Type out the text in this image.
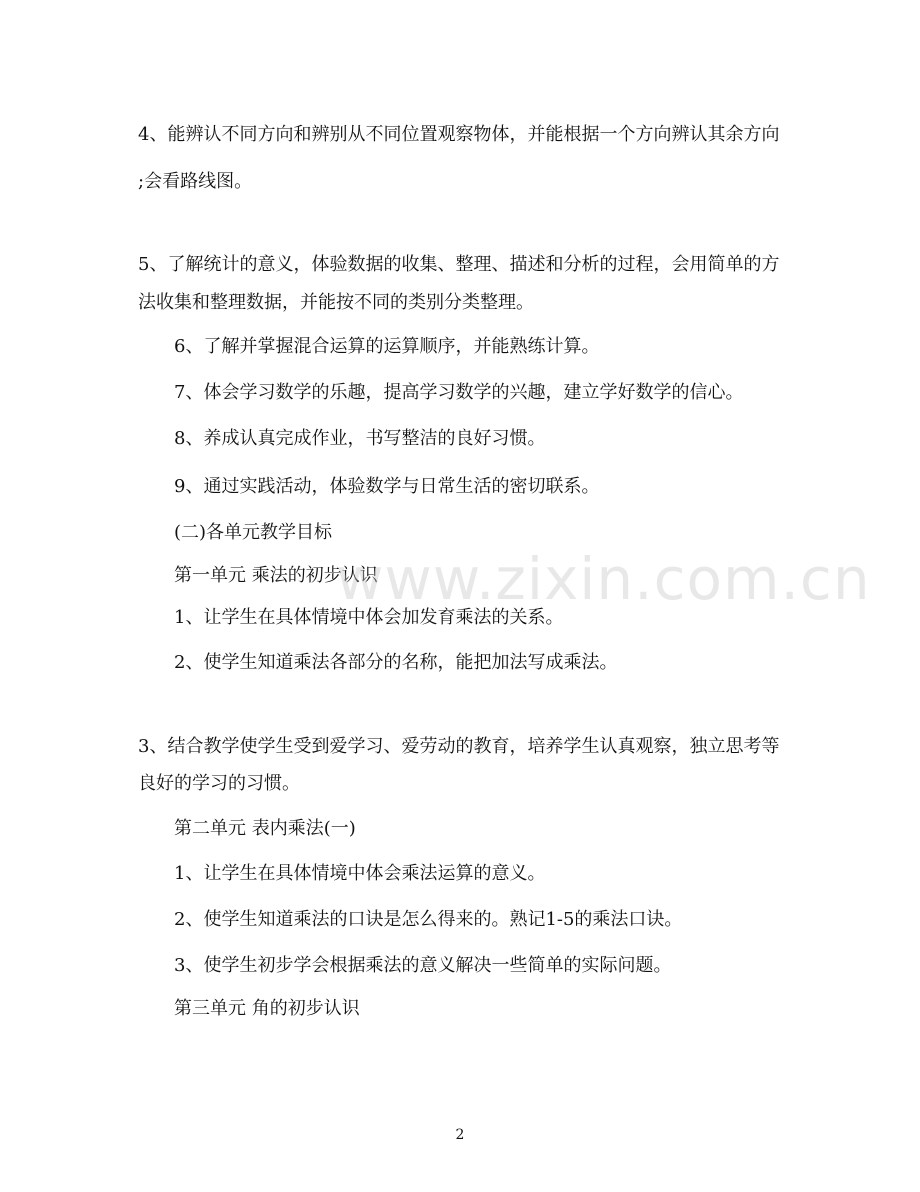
4、能辨认不同方向和辨别从不同位置观察物体，并能根据一个方向辨认其余方向
;会看路线图。
5、了解统计的意义，体验数据的收集、整理、描述和分析的过程，会用简单的方
法收集和整理数据，并能按不同的类别分类整理。
6、了解并掌握混合运算的运算顺序，并能熟练计算。
7、体会学习数学的乐趣，提高学习数学的兴趣，建立学好数学的信心。
8、养成认真完成作业，书写整洁的良好习惯。
9、通过实践活动，体验数学与日常生活的密切联系。
(二)各单元教学目标
第一单元 乘法的初步认识
1、让学生在具体情境中体会加发育乘法的关系。
2、使学生知道乘法各部分的名称，能把加法写成乘法。
3、结合教学使学生受到爱学习、爱劳动的教育，培养学生认真观察，独立思考等
良好的学习的习惯。
第二单元 表内乘法(一)
1、让学生在具体情境中体会乘法运算的意义。
2、使学生知道乘法的口诀是怎么得来的。熟记1-5的乘法口诀。
3、使学生初步学会根据乘法的意义解决一些简单的实际问题。
第三单元 角的初步认识
www.zixin.com.cn
2
